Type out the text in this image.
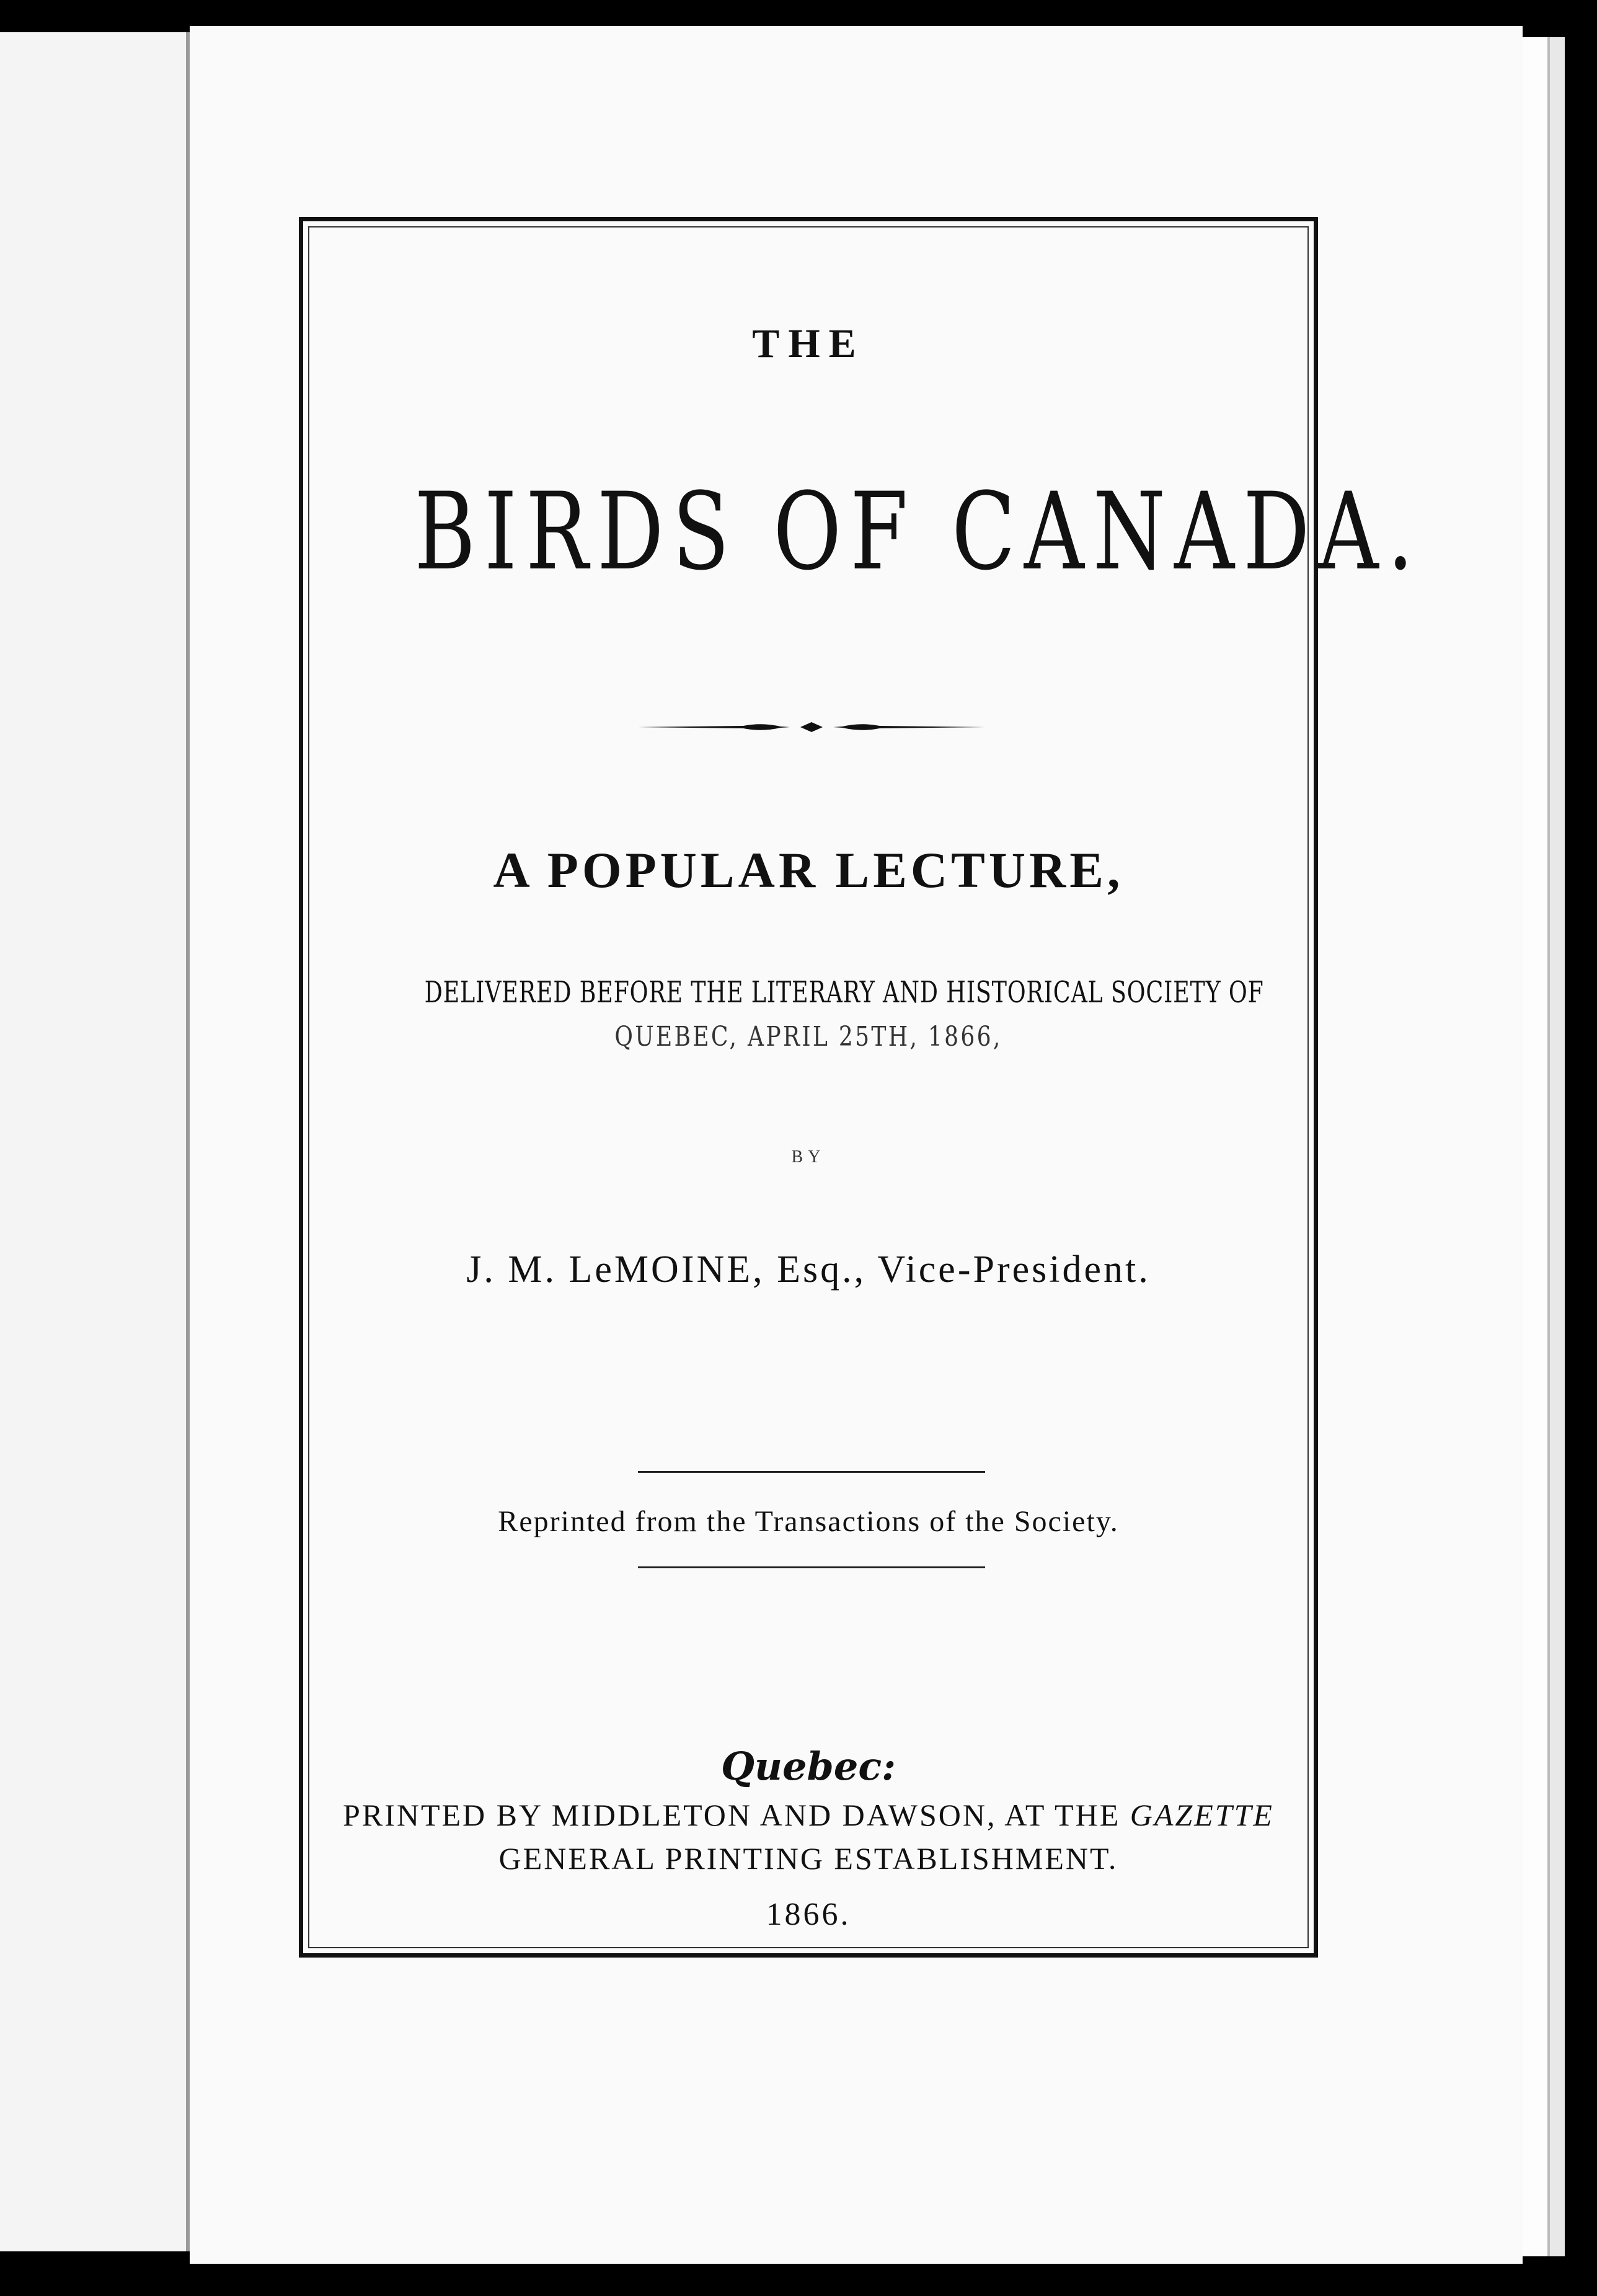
THE
BIRDS OF CANADA.
A POPULAR LECTURE,
DELIVERED BEFORE THE LITERARY AND HISTORICAL SOCIETY OF
QUEBEC, APRIL 25TH, 1866,
BY
J. M. LeMOINE, Esq., Vice-President.
Reprinted from the Transactions of the Society.
Quebec:
PRINTED BY MIDDLETON AND DAWSON, AT THE GAZETTE
GENERAL PRINTING ESTABLISHMENT.
1866.
